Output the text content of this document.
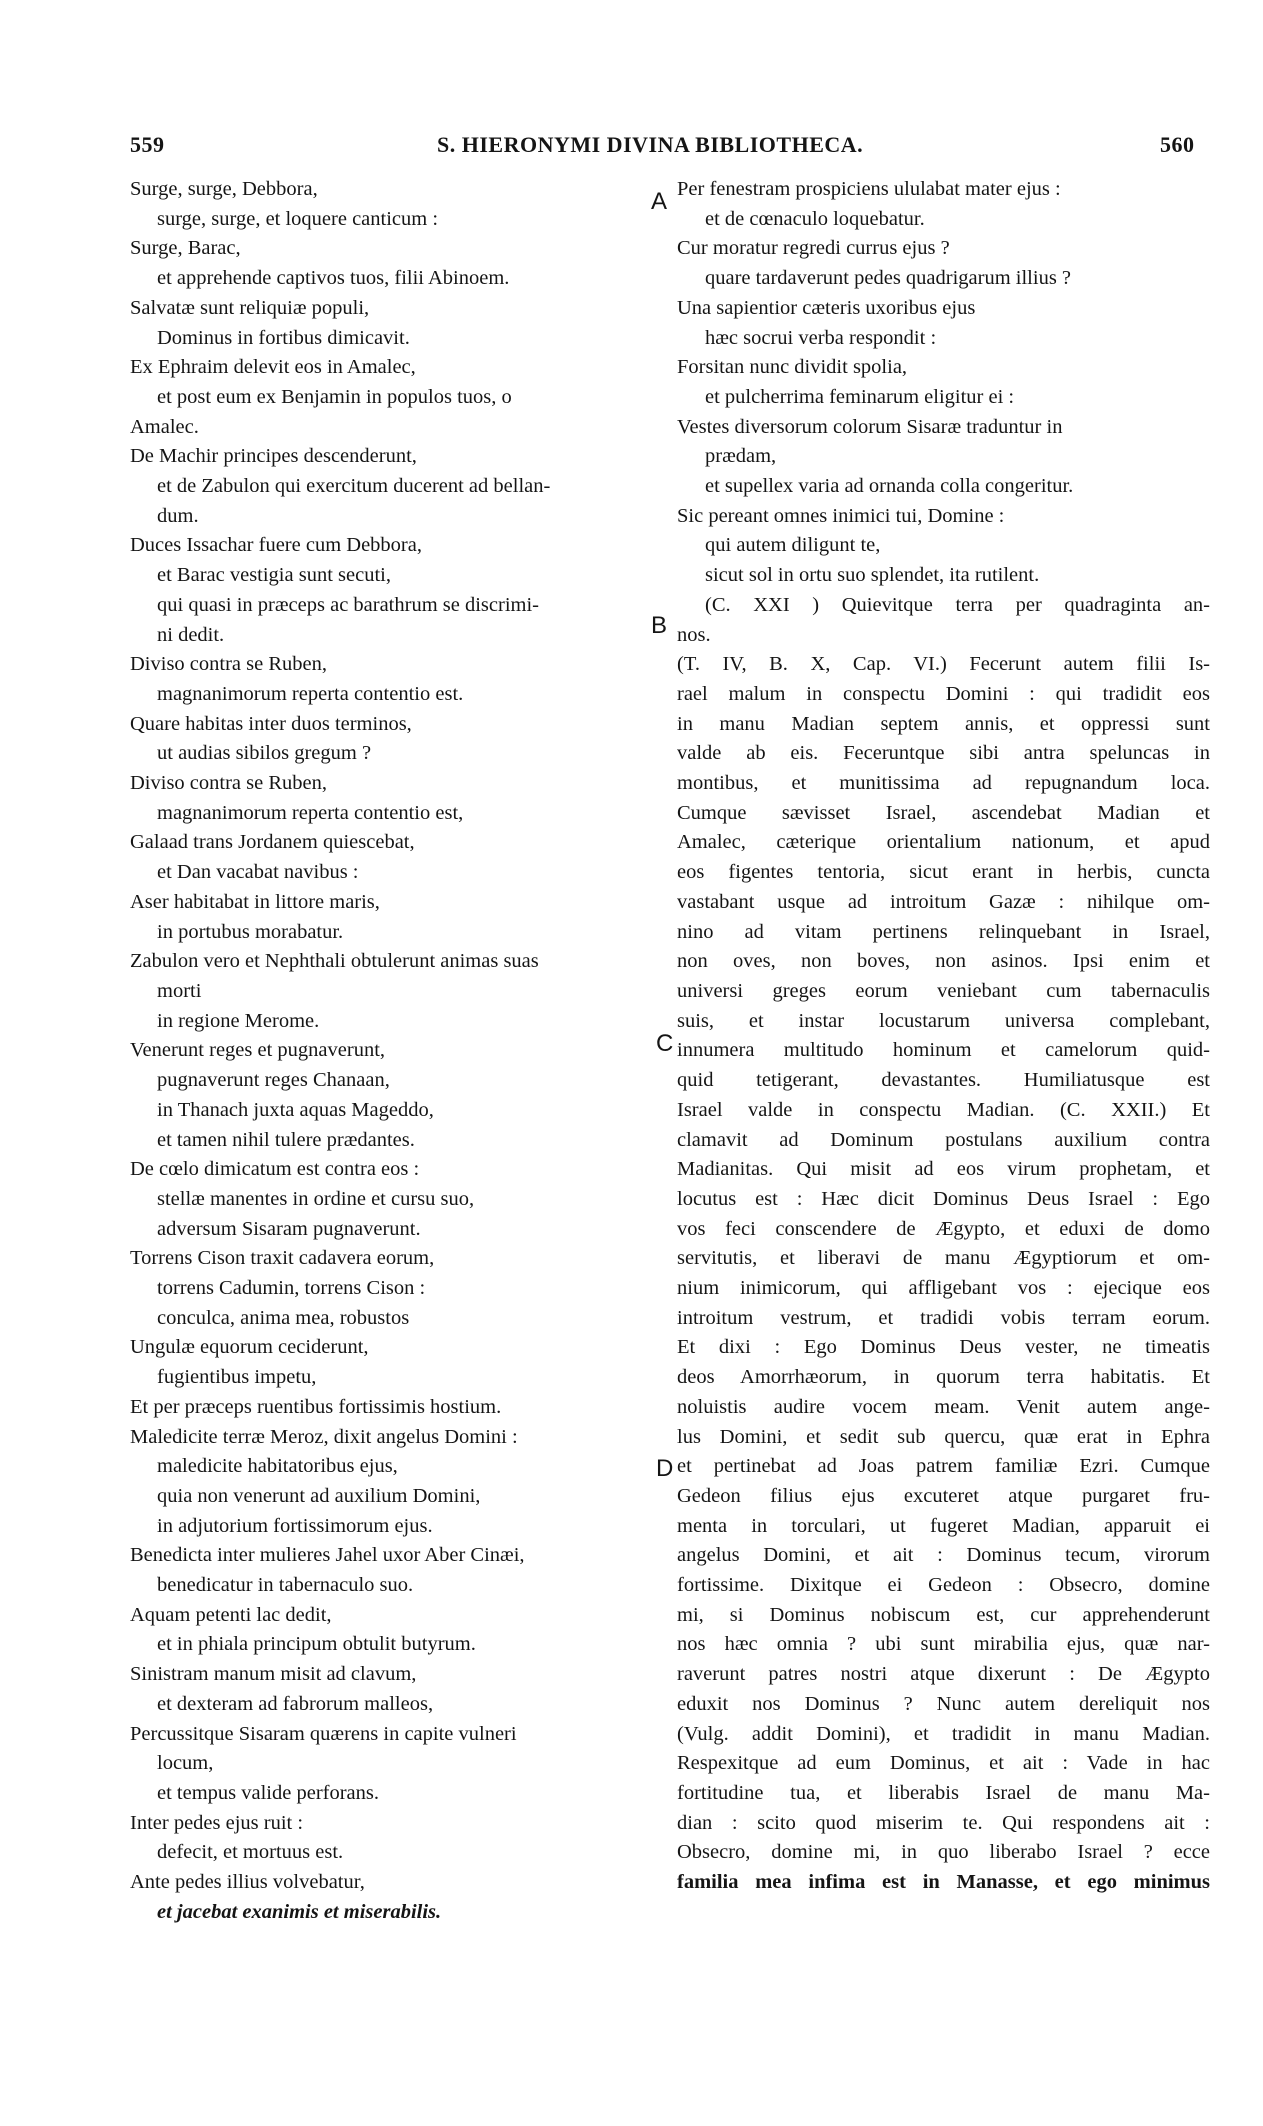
559	S. HIERONYMI DIVINA BIBLIOTHECA.	560
A
B
C
D
Surge, surge, Debbora,
surge, surge, et loquere canticum :
Surge, Barac,
et apprehende captivos tuos, filii Abinoem.
Salvatæ sunt reliquiæ populi,
Dominus in fortibus dimicavit.
Ex Ephraim delevit eos in Amalec,
et post eum ex Benjamin in populos tuos, o
Amalec.
De Machir principes descenderunt,
et de Zabulon qui exercitum ducerent ad bellan-
dum.
Duces Issachar fuere cum Debbora,
et Barac vestigia sunt secuti,
qui quasi in præceps ac barathrum se discrimi-
ni dedit.
Diviso contra se Ruben,
magnanimorum reperta contentio est.
Quare habitas inter duos terminos,
ut audias sibilos gregum ?
Diviso contra se Ruben,
magnanimorum reperta contentio est,
Galaad trans Jordanem quiescebat,
et Dan vacabat navibus :
Aser habitabat in littore maris,
in portubus morabatur.
Zabulon vero et Nephthali obtulerunt animas suas
morti
in regione Merome.
Venerunt reges et pugnaverunt,
pugnaverunt reges Chanaan,
in Thanach juxta aquas Mageddo,
et tamen nihil tulere prædantes.
De cœlo dimicatum est contra eos :
stellæ manentes in ordine et cursu suo,
adversum Sisaram pugnaverunt.
Torrens Cison traxit cadavera eorum,
torrens Cadumin, torrens Cison :
conculca, anima mea, robustos
Ungulæ equorum ceciderunt,
fugientibus impetu,
Et per præceps ruentibus fortissimis hostium.
Maledicite terræ Meroz, dixit angelus Domini :
maledicite habitatoribus ejus,
quia non venerunt ad auxilium Domini,
in adjutorium fortissimorum ejus.
Benedicta inter mulieres Jahel uxor Aber Cinæi,
benedicatur in tabernaculo suo.
Aquam petenti lac dedit,
et in phiala principum obtulit butyrum.
Sinistram manum misit ad clavum,
et dexteram ad fabrorum malleos,
Percussitque Sisaram quærens in capite vulneri
locum,
et tempus valide perforans.
Inter pedes ejus ruit :
defecit, et mortuus est.
Ante pedes illius volvebatur,
et jacebat exanimis et miserabilis.
Per fenestram prospiciens ululabat mater ejus :
et de cœnaculo loquebatur.
Cur moratur regredi currus ejus ?
quare tardaverunt pedes quadrigarum illius ?
Una sapientior cæteris uxoribus ejus
hæc socrui verba respondit :
Forsitan nunc dividit spolia,
et pulcherrima feminarum eligitur ei :
Vestes diversorum colorum Sisaræ traduntur in
prædam,
et supellex varia ad ornanda colla congeritur.
Sic pereant omnes inimici tui, Domine :
qui autem diligunt te,
sicut sol in ortu suo splendet, ita rutilent.
(C. XXI ) Quievitque terra per quadraginta an-
nos.
(T. IV, B. X, Cap. VI.) Fecerunt autem filii Is-
rael malum in conspectu Domini : qui tradidit eos
in manu Madian septem annis, et oppressi sunt
valde ab eis. Feceruntque sibi antra speluncas in
montibus, et munitissima ad repugnandum loca.
Cumque sævisset Israel, ascendebat Madian et
Amalec, cæterique orientalium nationum, et apud
eos figentes tentoria, sicut erant in herbis, cuncta
vastabant usque ad introitum Gazæ : nihilque om-
nino ad vitam pertinens relinquebant in Israel,
non oves, non boves, non asinos. Ipsi enim et
universi greges eorum veniebant cum tabernaculis
suis, et instar locustarum universa complebant,
innumera multitudo hominum et camelorum quid-
quid tetigerant, devastantes. Humiliatusque est
Israel valde in conspectu Madian. (C. XXII.) Et
clamavit ad Dominum postulans auxilium contra
Madianitas. Qui misit ad eos virum prophetam, et
locutus est : Hæc dicit Dominus Deus Israel : Ego
vos feci conscendere de Ægypto, et eduxi de domo
servitutis, et liberavi de manu Ægyptiorum et om-
nium inimicorum, qui affligebant vos : ejecique eos
introitum vestrum, et tradidi vobis terram eorum.
Et dixi : Ego Dominus Deus vester, ne timeatis
deos Amorrhæorum, in quorum terra habitatis. Et
noluistis audire vocem meam. Venit autem ange-
lus Domini, et sedit sub quercu, quæ erat in Ephra
et pertinebat ad Joas patrem familiæ Ezri. Cumque
Gedeon filius ejus excuteret atque purgaret fru-
menta in torculari, ut fugeret Madian, apparuit ei
angelus Domini, et ait : Dominus tecum, virorum
fortissime. Dixitque ei Gedeon : Obsecro, domine
mi, si Dominus nobiscum est, cur apprehenderunt
nos hæc omnia ? ubi sunt mirabilia ejus, quæ nar-
raverunt patres nostri atque dixerunt : De Ægypto
eduxit nos Dominus ? Nunc autem dereliquit nos
(Vulg. addit Domini), et tradidit in manu Madian.
Respexitque ad eum Dominus, et ait : Vade in hac
fortitudine tua, et liberabis Israel de manu Ma-
dian : scito quod miserim te. Qui respondens ait :
Obsecro, domine mi, in quo liberabo Israel ? ecce
familia mea infima est in Manasse, et ego minimus
